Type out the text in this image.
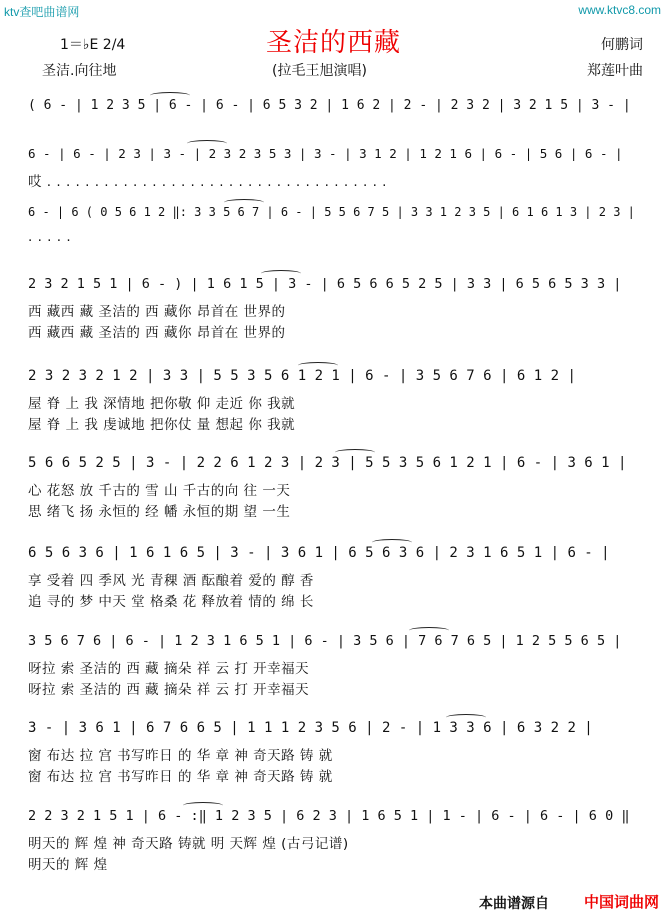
ktv查吧曲谱网	www.ktvc8.com
圣洁的西藏
1＝♭E 2/4	何鹏词
圣洁.向往地	(拉毛王旭演唱)	郑莲叶曲
( 6 - | 1 2 3 5 | 6 - | 6 - | 6 5 3 2 | 1 6 2 | 2 - | 2 3 2 | 3 2 1 5 | 3 - |
6 - | 6 - | 2 3 | 3 - | 2 3 2 3 5 3 | 3 - | 3 1 2 | 1 2 1 6 | 6 - | 5 6 | 6 - |
哎 . . . . . . . . . . . . . . . . . . . . . . . . . . . . . . . . . . . .
6 - | 6 ( 0 5 6 1 2 ‖: 3 3 5 6 7 | 6 - | 5 5 6 7 5 | 3 3 1 2 3 5 | 6 1 6 1 3 | 2 3 |
. . . . .
2 3 2 1 5 1 | 6 - ) | 1 6 1 5 | 3 - | 6 5 6 6 5 2 5 | 3 3 | 6 5 6 5 3 3 |
西 藏西 藏 圣洁的 西 藏你 昂首在 世界的
西 藏西 藏 圣洁的 西 藏你 昂首在 世界的
2 3 2 3 2 1 2 | 3 3 | 5 5 3 5 6 1 2 1 | 6 - | 3 5 6 7 6 | 6 1 2 |
屋 脊 上 我 深情地 把你敬 仰 走近 你 我就
屋 脊 上 我 虔诚地 把你仗 量 想起 你 我就
5 6 6 5 2 5 | 3 - | 2 2 6 1 2 3 | 2 3 | 5 5 3 5 6 1 2 1 | 6 - | 3 6 1 |
心 花怒 放 千古的 雪 山 千古的向 往 一天
思 绪飞 扬 永恒的 经 幡 永恒的期 望 一生
6 5 6 3 6 | 1 6 1 6 5 | 3 - | 3 6 1 | 6 5 6 3 6 | 2 3 1 6 5 1 | 6 - |
享 受着 四 季风 光 青稞 酒 酝酿着 爱的 醇 香
追 寻的 梦 中天 堂 格桑 花 释放着 情的 绵 长
3 5 6 7 6 | 6 - | 1 2 3 1 6 5 1 | 6 - | 3 5 6 | 7 6 7 6 5 | 1 2 5 5 6 5 |
呀拉 索 圣洁的 西 藏 摘朵 祥 云 打 开幸福天
呀拉 索 圣洁的 西 藏 摘朵 祥 云 打 开幸福天
3 - | 3 6 1 | 6 7 6 6 5 | 1 1 1 2 3 5 6 | 2 - | 1 3 3 6 | 6 3 2 2 |
窗 布达 拉 宫 书写昨日 的 华 章 神 奇天路 铸 就
窗 布达 拉 宫 书写昨日 的 华 章 神 奇天路 铸 就
2 2 3 2 1 5 1 | 6 - :‖ 1 2 3 5 | 6 2 3 | 1 6 5 1 | 1 - | 6 - | 6 - | 6 0 ‖
明天的 辉 煌 神 奇天路 铸就 明 天辉 煌 (古弓记谱)
明天的 辉 煌
本曲谱源自 中国词曲网
